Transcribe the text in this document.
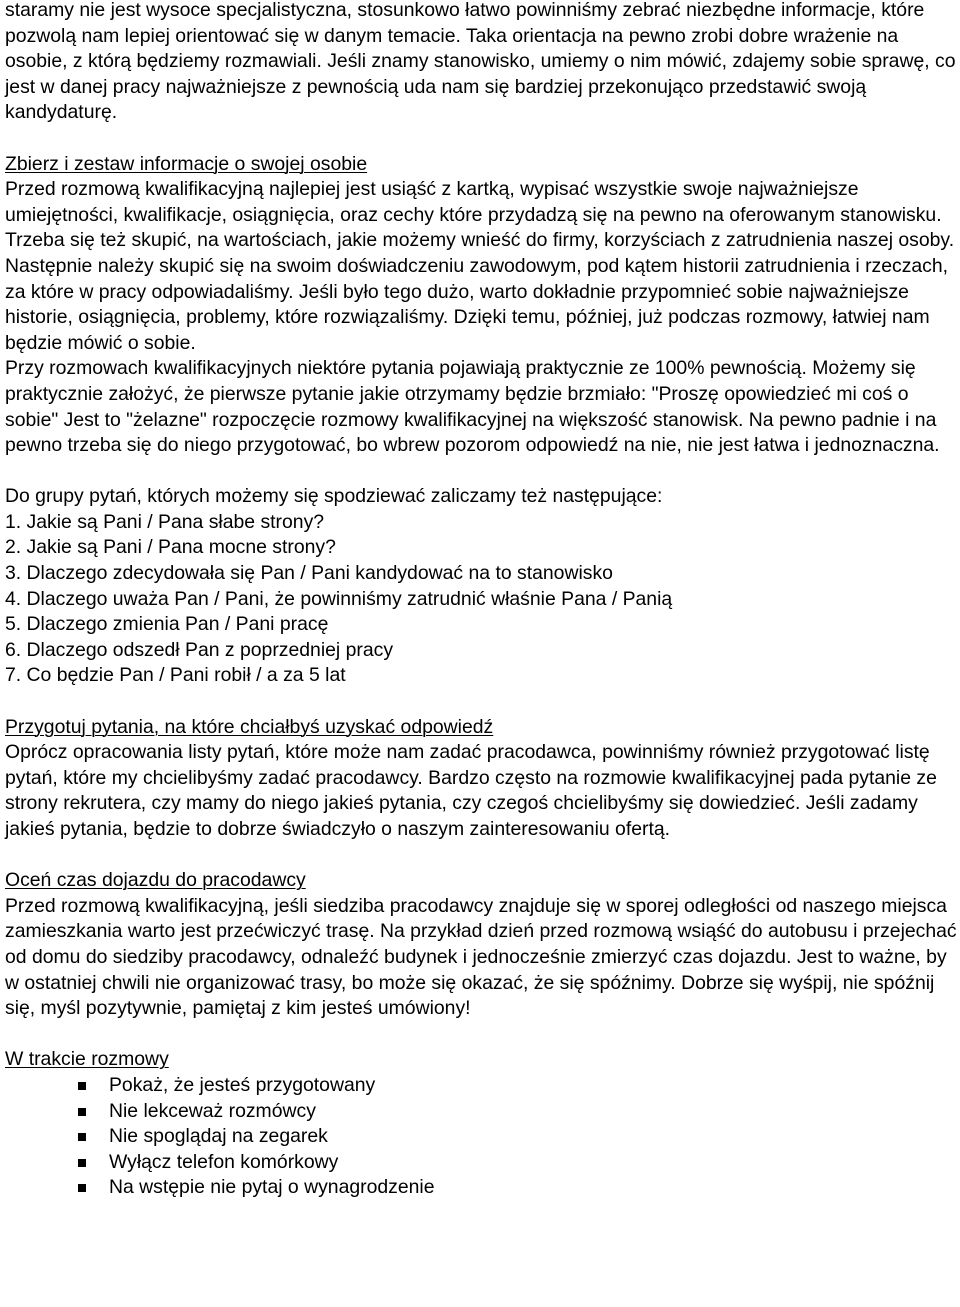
staramy nie jest wysoce specjalistyczna, stosunkowo łatwo powinniśmy zebrać niezbędne informacje, które pozwolą nam lepiej orientować się w danym temacie. Taka orientacja na pewno zrobi dobre wrażenie na osobie, z którą będziemy rozmawiali. Jeśli znamy stanowisko, umiemy o nim mówić, zdajemy sobie sprawę, co jest w danej pracy najważniejsze z pewnością uda nam się bardziej przekonująco przedstawić swoją kandydaturę.

Zbierz i zestaw informacje o swojej osobie

Przed rozmową kwalifikacyjną najlepiej jest usiąść z kartką, wypisać wszystkie swoje najważniejsze umiejętności, kwalifikacje, osiągnięcia, oraz cechy które przydadzą się na pewno na oferowanym stanowisku. Trzeba się też skupić, na wartościach, jakie możemy wnieść do firmy, korzyściach z zatrudnienia naszej osoby. Następnie należy skupić się na swoim doświadczeniu zawodowym, pod kątem historii zatrudnienia i rzeczach, za które w pracy odpowiadaliśmy. Jeśli było tego dużo, warto dokładnie przypomnieć sobie najważniejsze historie, osiągnięcia, problemy, które rozwiązaliśmy. Dzięki temu, później, już podczas rozmowy, łatwiej nam będzie mówić o sobie.

Przy rozmowach kwalifikacyjnych niektóre pytania pojawiają praktycznie ze 100% pewnością. Możemy się praktycznie założyć, że pierwsze pytanie jakie otrzymamy będzie brzmiało: "Proszę opowiedzieć mi coś o sobie" Jest to "żelazne" rozpoczęcie rozmowy kwalifikacyjnej na większość stanowisk. Na pewno padnie i na pewno trzeba się do niego przygotować, bo wbrew pozorom odpowiedź na nie, nie jest łatwa i jednoznaczna.

Do grupy pytań, których możemy się spodziewać zaliczamy też następujące:

1. Jakie są Pani / Pana słabe strony?
2. Jakie są Pani / Pana mocne strony?
3. Dlaczego zdecydowała się Pan / Pani kandydować na to stanowisko
4. Dlaczego uważa Pan / Pani, że powinniśmy zatrudnić właśnie Pana / Panią
5. Dlaczego zmienia Pan / Pani pracę
6. Dlaczego odszedł Pan z poprzedniej pracy
7. Co będzie Pan / Pani robił / a za 5 lat
Przygotuj pytania, na które chciałbyś uzyskać odpowiedź

Oprócz opracowania listy pytań, które może nam zadać pracodawca, powinniśmy również przygotować listę pytań, które my chcielibyśmy zadać pracodawcy. Bardzo często na rozmowie kwalifikacyjnej pada pytanie ze strony rekrutera, czy mamy do niego jakieś pytania, czy czegoś chcielibyśmy się dowiedzieć. Jeśli zadamy jakieś pytania, będzie to dobrze świadczyło o naszym zainteresowaniu ofertą.

Oceń czas dojazdu do pracodawcy

Przed rozmową kwalifikacyjną, jeśli siedziba pracodawcy znajduje się w sporej odległości od naszego miejsca zamieszkania warto jest przećwiczyć trasę. Na przykład dzień przed rozmową wsiąść do autobusu i przejechać od domu do siedziby pracodawcy, odnaleźć budynek i jednocześnie zmierzyć czas dojazdu. Jest to ważne, by w ostatniej chwili nie organizować trasy, bo może się okazać, że się spóźnimy. Dobrze się wyśpij, nie spóźnij się, myśl pozytywnie, pamiętaj z kim jesteś umówiony!

W trakcie rozmowy
Pokaż, że jesteś przygotowany
Nie lekceważ rozmówcy
Nie spoglądaj na zegarek
Wyłącz telefon komórkowy
Na wstępie nie pytaj o wynagrodzenie
